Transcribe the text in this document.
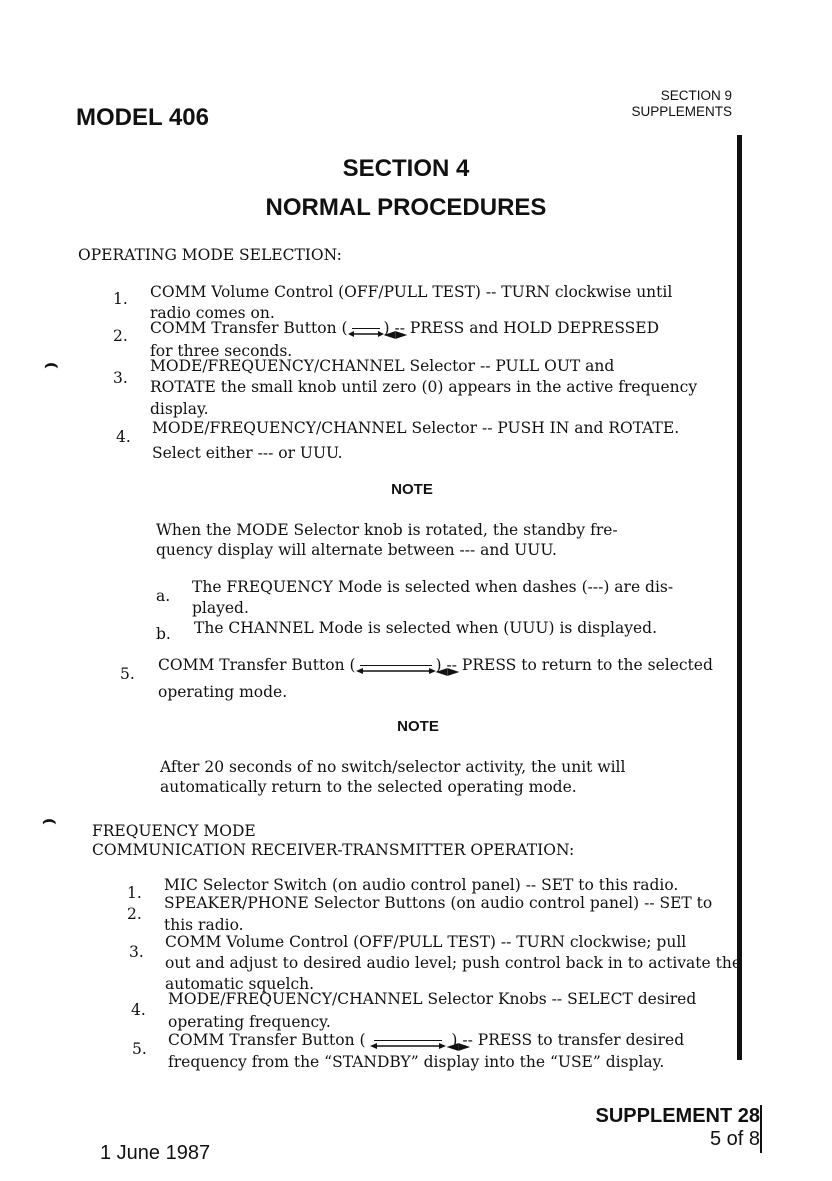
MODEL 406
SECTION 9
SUPPLEMENTS
SECTION 4
NORMAL PROCEDURES
OPERATING MODE SELECTION:
1. COMM Volume Control (OFF/PULL TEST) -- TURN clockwise until
radio comes on.
2. COMM Transfer Button ( ◄► ) -- PRESS and HOLD DEPRESSED
for three seconds.
⌢
3.
MODE/FREQUENCY/CHANNEL Selector -- PULL OUT and
ROTATE the small knob until zero (0) appears in the active frequency
display.
4. MODE/FREQUENCY/CHANNEL Selector -- PUSH IN and ROTATE.
Select either --- or UUU.
NOTE
When the MODE Selector knob is rotated, the standby fre-
quency display will alternate between --- and UUU.
a. The FREQUENCY Mode is selected when dashes (---) are dis-
played.
b. The CHANNEL Mode is selected when (UUU) is displayed.
5. COMM Transfer Button ( ◄►	) -- PRESS to return to the selected
operating mode.
NOTE
After 20 seconds of no switch/selector activity, the unit will
automatically return to the selected operating mode.
⌢ FREQUENCY MODE
COMMUNICATION RECEIVER-TRANSMITTER OPERATION:
1. MIC Selector Switch (on audio control panel) -- SET to this radio.
2.
SPEAKER/PHONE Selector Buttons (on audio control panel) -- SET to
this radio.
3.
COMM Volume Control (OFF/PULL TEST) -- TURN clockwise; pull
out and adjust to desired audio level; push control back in to activate the
automatic squelch.
4.
MODE/FREQUENCY/CHANNEL Selector Knobs -- SELECT desired
operating frequency.
5. COMM Transfer Button ( ◄►	) -- PRESS to transfer desired
frequency from the “STANDBY” display into the “USE” display.
1 June 1987
SUPPLEMENT 28
5 of 8
